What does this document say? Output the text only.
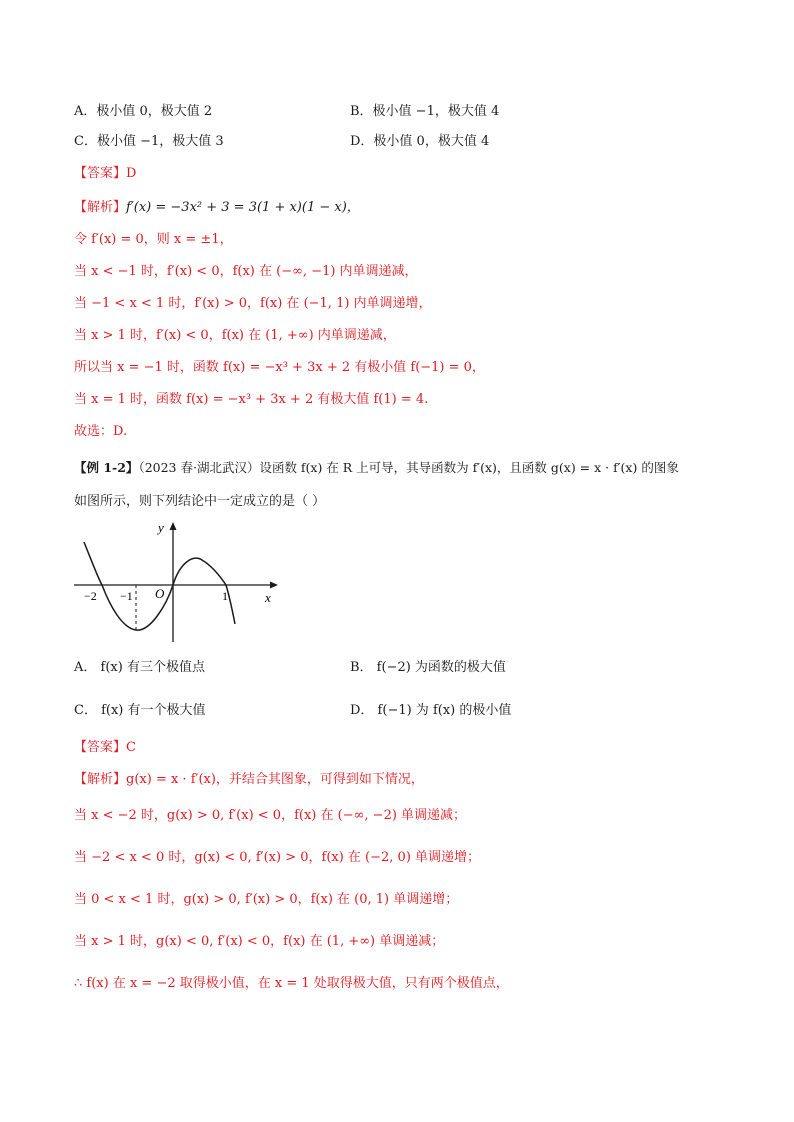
A．极小值 0，极大值 2	B．极小值 −1，极大值 4
C．极小值 −1，极大值 3	D．极小值 0，极大值 4
【答案】D
【解析】f′(x) = −3x² + 3 = 3(1 + x)(1 − x)，
令 f′(x) = 0，则 x = ±1，
当 x < −1 时，f′(x) < 0，f(x) 在 (−∞, −1) 内单调递减，
当 −1 < x < 1 时，f′(x) > 0，f(x) 在 (−1, 1) 内单调递增，
当 x > 1 时，f′(x) < 0，f(x) 在 (1, +∞) 内单调递减，
所以当 x = −1 时，函数 f(x) = −x³ + 3x + 2 有极小值 f(−1) = 0，
当 x = 1 时，函数 f(x) = −x³ + 3x + 2 有极大值 f(1) = 4.
故选：D.
【例 1-2】（2023 春·湖北武汉）设函数 f(x) 在 R 上可导，其导函数为 f′(x)，且函数 g(x) = x · f′(x) 的图象
如图所示，则下列结论中一定成立的是（ ）
y
x
O
−2 −1	1
A． f(x) 有三个极值点	B． f(−2) 为函数的极大值
C． f(x) 有一个极大值	D． f(−1) 为 f(x) 的极小值
【答案】C
【解析】g(x) = x · f′(x)，并结合其图象，可得到如下情况，
当 x < −2 时，g(x) > 0, f′(x) < 0，f(x) 在 (−∞, −2) 单调递减；
当 −2 < x < 0 时，g(x) < 0, f′(x) > 0，f(x) 在 (−2, 0) 单调递增；
当 0 < x < 1 时，g(x) > 0, f′(x) > 0，f(x) 在 (0, 1) 单调递增；
当 x > 1 时，g(x) < 0, f′(x) < 0，f(x) 在 (1, +∞) 单调递减；
∴ f(x) 在 x = −2 取得极小值，在 x = 1 处取得极大值，只有两个极值点，
